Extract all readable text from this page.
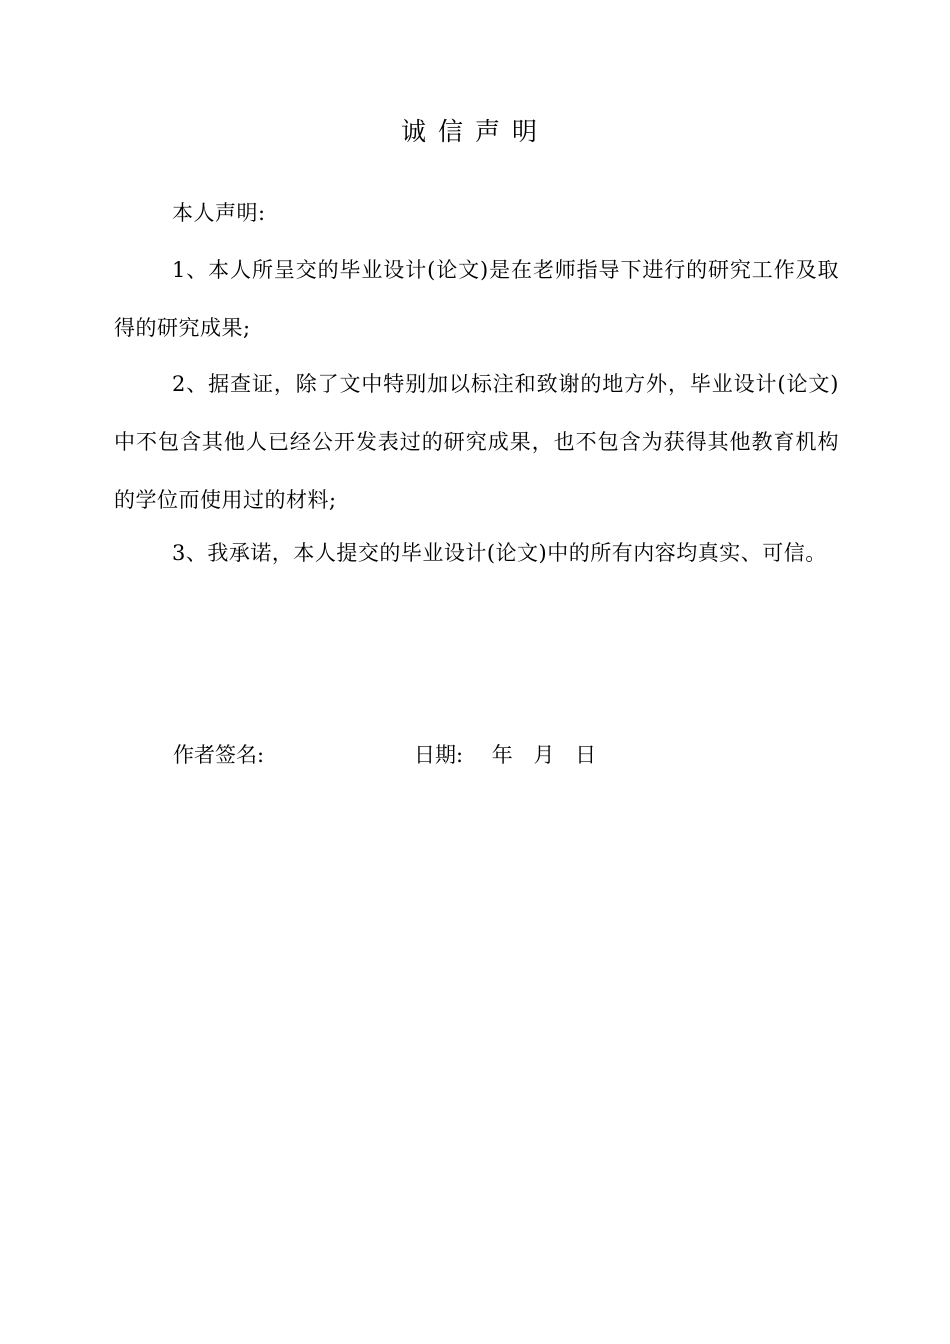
诚信声明
本人声明:
1、本人所呈交的毕业设计(论文)是在老师指导下进行的研究工作及取得的研究成果;
2、据查证，除了文中特别加以标注和致谢的地方外，毕业设计(论文)中不包含其他人已经公开发表过的研究成果，也不包含为获得其他教育机构的学位而使用过的材料;
3、我承诺，本人提交的毕业设计(论文)中的所有内容均真实、可信。
作者签名:	日期: 年 月 日
